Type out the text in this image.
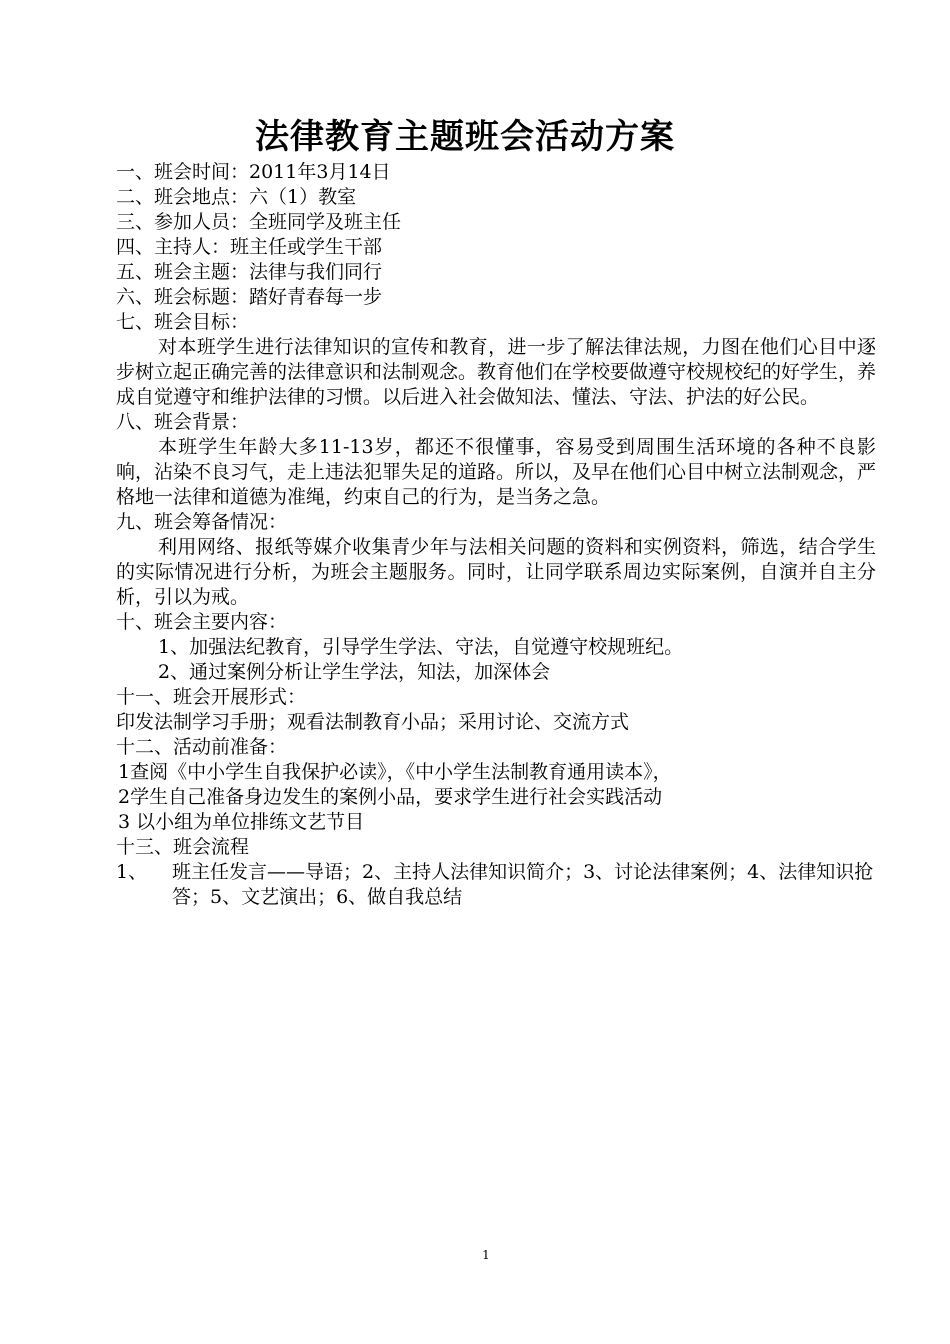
法律教育主题班会活动方案
一、班会时间：2011年3月14日
二、班会地点：六（1）教室
三、参加人员：全班同学及班主任
四、主持人：班主任或学生干部
五、班会主题：法律与我们同行
六、班会标题：踏好青春每一步
七、班会目标：
对本班学生进行法律知识的宣传和教育，进一步了解法律法规，力图在他们心目中逐步树立起正确完善的法律意识和法制观念。教育他们在学校要做遵守校规校纪的好学生，养成自觉遵守和维护法律的习惯。以后进入社会做知法、懂法、守法、护法的好公民。
八、班会背景：
本班学生年龄大多11-13岁，都还不很懂事，容易受到周围生活环境的各种不良影响，沾染不良习气，走上违法犯罪失足的道路。所以，及早在他们心目中树立法制观念，严格地一法律和道德为准绳，约束自己的行为，是当务之急。
九、班会筹备情况：
利用网络、报纸等媒介收集青少年与法相关问题的资料和实例资料，筛选，结合学生的实际情况进行分析，为班会主题服务。同时，让同学联系周边实际案例，自演并自主分析，引以为戒。
十、班会主要内容：
1、加强法纪教育，引导学生学法、守法，自觉遵守校规班纪。
2、通过案例分析让学生学法，知法，加深体会
十一、班会开展形式：
印发法制学习手册；观看法制教育小品；采用讨论、交流方式
十二、活动前准备：
1查阅《中小学生自我保护必读》，《中小学生法制教育通用读本》，
2学生自己准备身边发生的案例小品，要求学生进行社会实践活动
3 以小组为单位排练文艺节目
十三、班会流程
1、	班主任发言——导语；2、主持人法律知识简介；3、讨论法律案例；4、法律知识抢答；5、文艺演出；6、做自我总结
1
